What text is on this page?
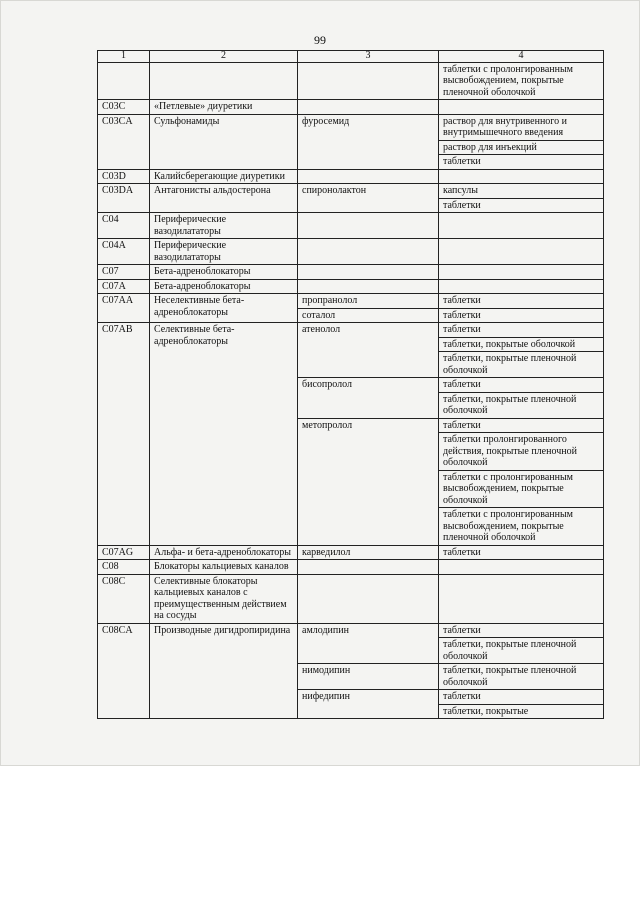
99
1	2	3	4
			таблетки с пролонгированным высвобождением, покрытые пленочной оболочкой
C03C	«Петлевые» диуретики		
C03CA	Сульфонамиды	фуросемид	раствор для внутривенного и внутримышечного введения
			раствор для инъекций
			таблетки
C03D	Калийсберегающие диуретики		
C03DA	Антагонисты альдостерона	спиронолактон	капсулы
			таблетки
C04	Периферические вазодилататоры		
C04A	Периферические вазодилататоры		
C07	Бета-адреноблокаторы		
C07A	Бета-адреноблокаторы		
C07AA	Неселективные бета-адреноблокаторы	пропранолол	таблетки
		соталол	таблетки
C07AB	Селективные бета-адреноблокаторы	атенолол	таблетки
			таблетки, покрытые оболочкой
			таблетки, покрытые пленочной оболочкой
		бисопролол	таблетки
			таблетки, покрытые пленочной оболочкой
		метопролол	таблетки
			таблетки пролонгированного действия, покрытые пленочной оболочкой
			таблетки с пролонгированным высвобождением, покрытые оболочкой
			таблетки с пролонгированным высвобождением, покрытые пленочной оболочкой
C07AG	Альфа- и бета-адреноблокаторы	карведилол	таблетки
C08	Блокаторы кальциевых каналов		
C08C	Селективные блокаторы кальциевых каналов с преимущественным действием на сосуды		
C08CA	Производные дигидропиридина	амлодипин	таблетки
			таблетки, покрытые пленочной оболочкой
		нимодипин	таблетки, покрытые пленочной оболочкой
		нифедипин	таблетки
			таблетки, покрытые
